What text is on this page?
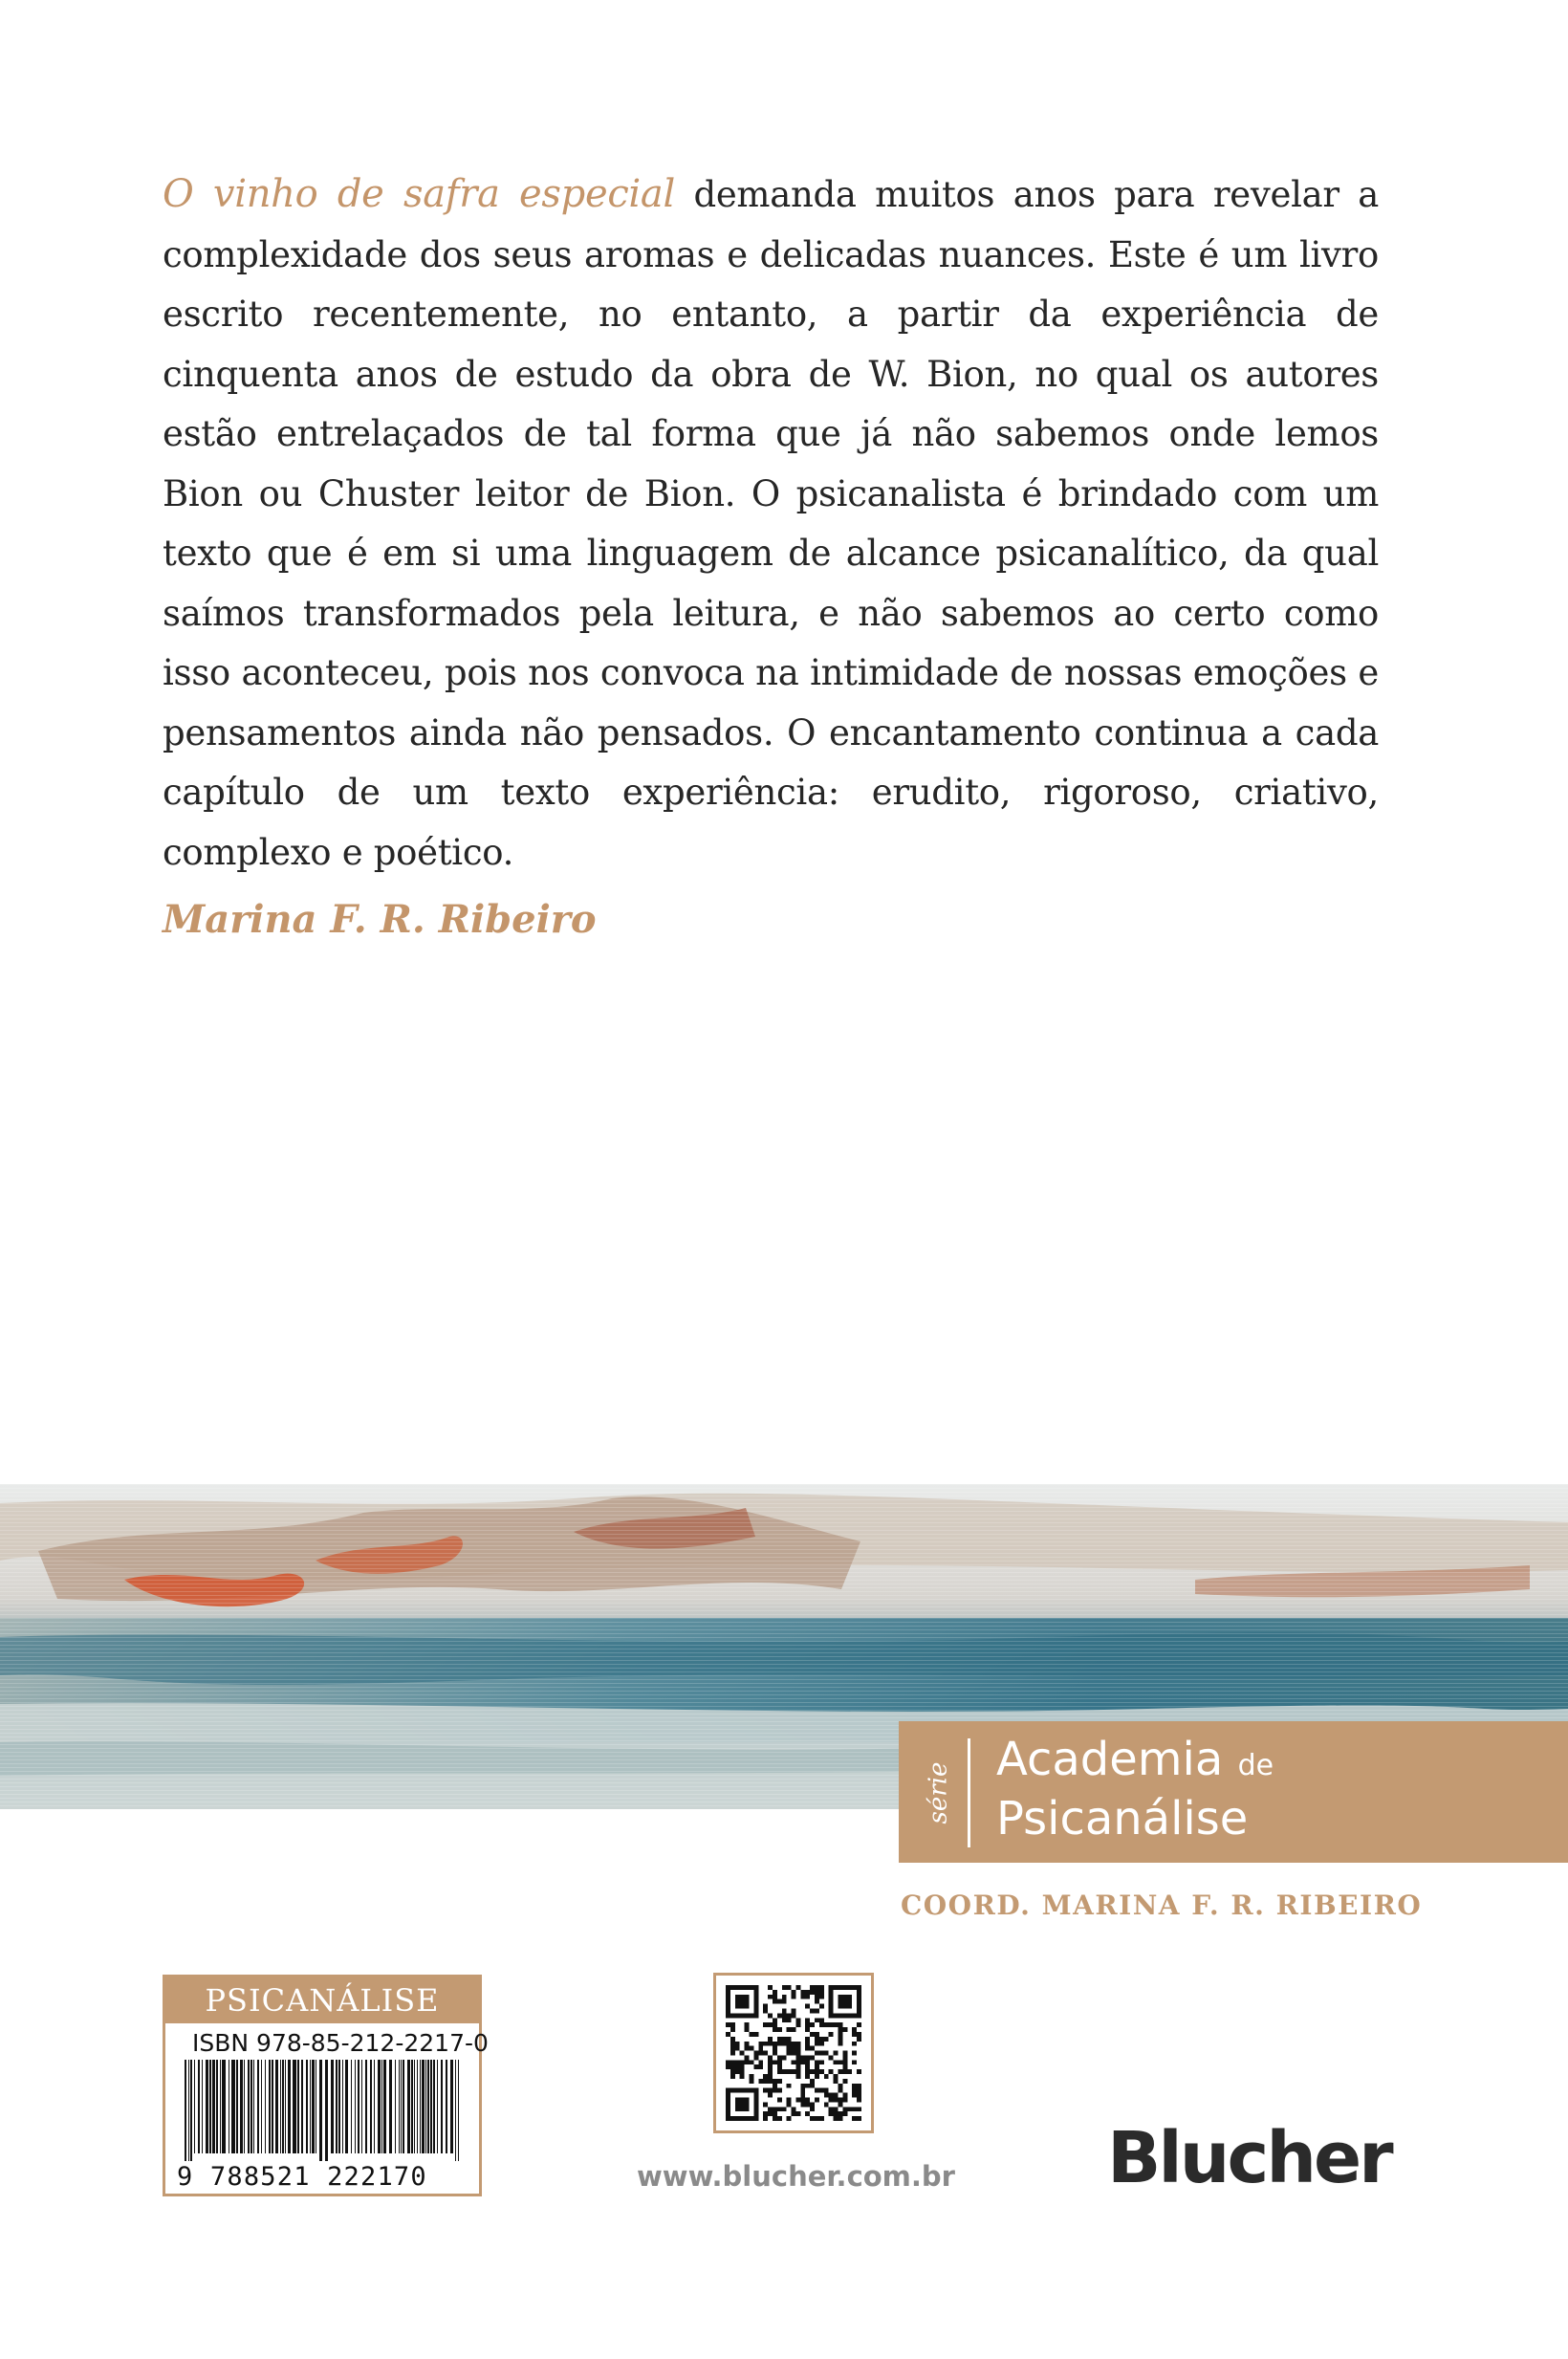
O vinho de safra especial demanda muitos anos para revelar a complexidade dos seus aromas e delicadas nuances. Este é um livro escrito recentemente, no entanto, a partir da experiência de cinquenta anos de estudo da obra de W. Bion, no qual os autores estão entrelaçados de tal forma que já não sabemos onde lemos Bion ou Chuster leitor de Bion. O psicanalista é brindado com um texto que é em si uma linguagem de alcance psicanalítico, da qual saímos transformados pela leitura, e não sabemos ao certo como isso aconteceu, pois nos convoca na intimidade de nossas emoções e pensamentos ainda não pensados. O encantamento continua a cada capítulo de um texto experiência: erudito, rigoroso, criativo, complexo e poético.

Marina F. R. Ribeiro
série
Academia de
Psicanálise
COORD. MARINA F. R. RIBEIRO
PSICANÁLISE
ISBN 978-85-212-2217-0
9 788521 222170	www.blucher.com.br Blucher
